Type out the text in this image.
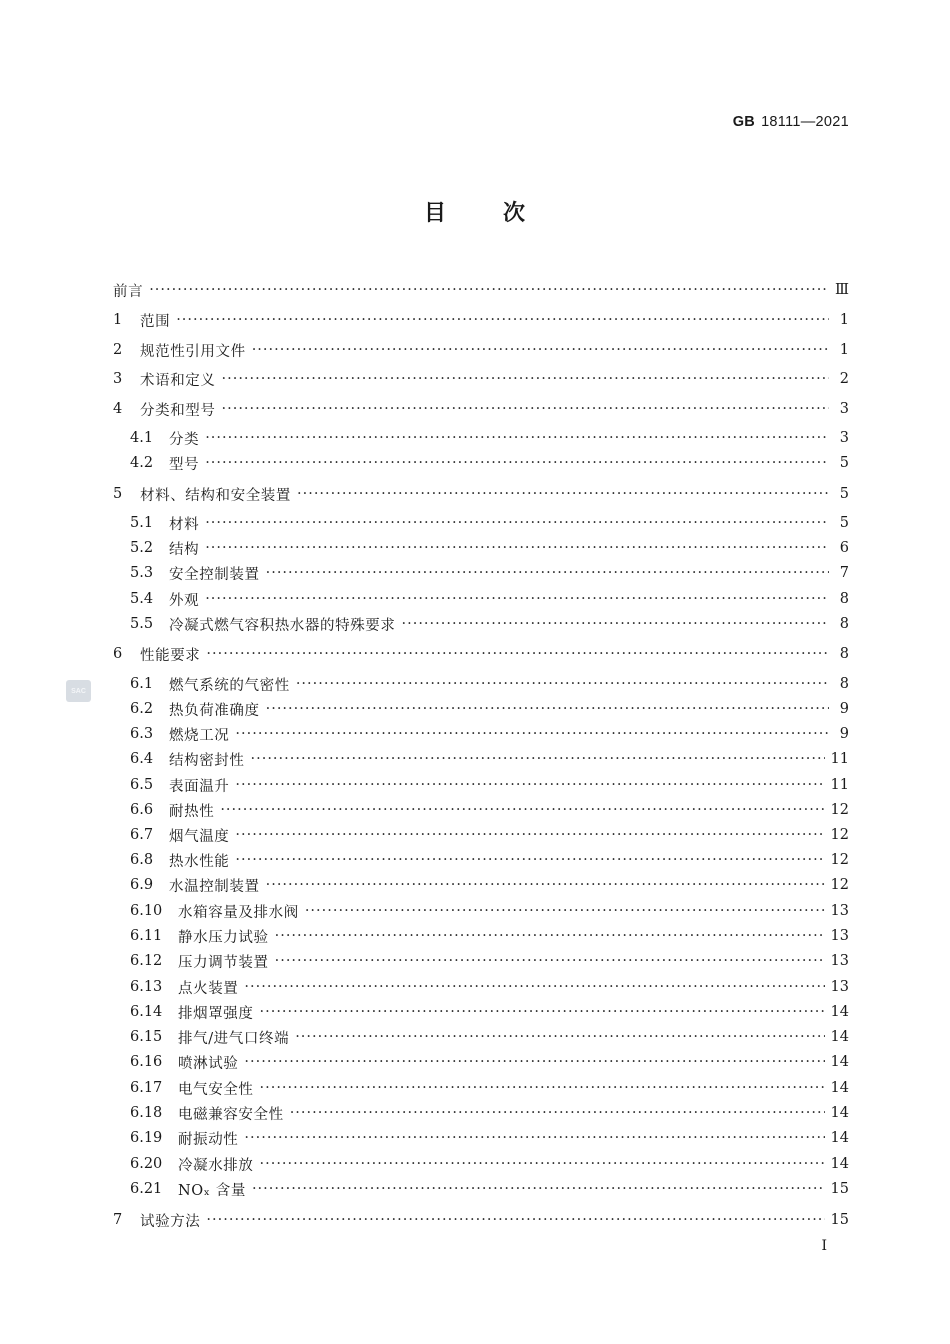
GB 18111—2021
目	次
SAC
前言 ·····	Ⅲ
1	范围 ·····	1
2	规范性引用文件 ·····	1
3	术语和定义 ·····	2
4	分类和型号 ·····	3
4.1	分类 ·····	3
4.2	型号 ·····	5
5	材料、结构和安全装置 ·····	5
5.1	材料 ·····	5
5.2	结构 ·····	6
5.3	安全控制装置 ·····	7
5.4	外观 ·····	8
5.5	冷凝式燃气容积热水器的特殊要求 ·····	8
6	性能要求 ·····	8
6.1	燃气系统的气密性 ·····	8
6.2	热负荷准确度 ·····	9
6.3	燃烧工况 ·····	9
6.4	结构密封性 ·····	11
6.5	表面温升 ·····	11
6.6	耐热性 ·····	12
6.7	烟气温度 ·····	12
6.8	热水性能 ·····	12
6.9	水温控制装置 ·····	12
6.10	水箱容量及排水阀 ·····	13
6.11	静水压力试验 ·····	13
6.12	压力调节装置 ·····	13
6.13	点火装置 ·····	13
6.14	排烟罩强度 ·····	14
6.15	排气/进气口终端 ·····	14
6.16	喷淋试验 ·····	14
6.17	电气安全性 ·····	14
6.18	电磁兼容安全性 ·····	14
6.19	耐振动性 ·····	14
6.20	冷凝水排放 ·····	14
6.21	NOₓ 含量 ·····	15
7	试验方法 ·····	15
Ⅰ
